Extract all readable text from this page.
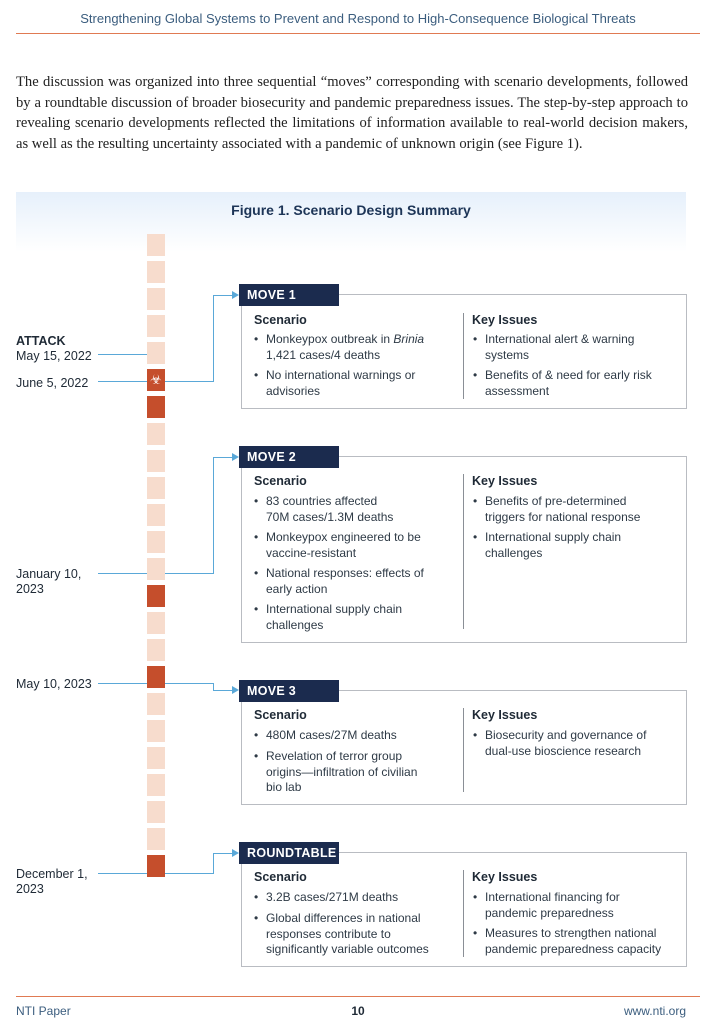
Strengthening Global Systems to Prevent and Respond to High-Consequence Biological Threats
The discussion was organized into three sequential “moves” corresponding with scenario developments, followed by a roundtable discussion of broader biosecurity and pandemic preparedness issues. The step-by-step approach to revealing scenario developments reflected the limitations of information available to real-world decision makers, as well as the resulting uncertainty associated with a pandemic of unknown origin (see Figure 1).
Figure 1. Scenario Design Summary
☣
ATTACK
May 15, 2022
June 5, 2022
January 10,
2023
May 10, 2023
December 1,
2023
MOVE 1
Scenario	Key Issues
• Monkeypox outbreak in Brinia
1,421 cases/4 deaths
• No international warnings or
advisories
• International alert & warning
systems
• Benefits of & need for early risk
assessment
MOVE 2
Scenario	Key Issues
• 83 countries affected
70M cases/1.3M deaths
• Monkeypox engineered to be
vaccine-resistant
• National responses: effects of
early action
• International supply chain
challenges
• Benefits of pre-determined
triggers for national response
• International supply chain
challenges
MOVE 3
Scenario	Key Issues
• 480M cases/27M deaths
• Revelation of terror group
origins—infiltration of civilian
bio lab
• Biosecurity and governance of
dual-use bioscience research
ROUNDTABLE
Scenario	Key Issues
• 3.2B cases/271M deaths
• Global differences in national
responses contribute to
significantly variable outcomes
• International financing for
pandemic preparedness
• Measures to strengthen national
pandemic preparedness capacity
NTI Paper	10	www.nti.org
